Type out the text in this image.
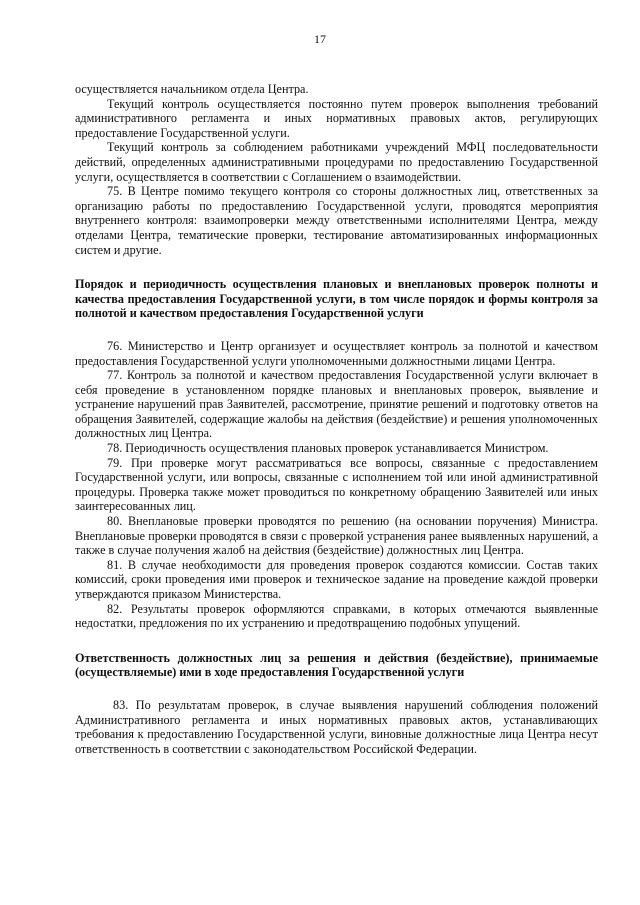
17

осуществляется начальником отдела Центра.

Текущий контроль осуществляется постоянно путем проверок выполнения требований административного регламента и иных нормативных правовых актов, регулирующих предоставление Государственной услуги.

Текущий контроль за соблюдением работниками учреждений МФЦ последовательности действий, определенных административными процедурами по предоставлению Государственной услуги, осуществляется в соответствии с Соглашением о взаимодействии.

75. В Центре помимо текущего контроля со стороны должностных лиц, ответственных за организацию работы по предоставлению Государственной услуги, проводятся мероприятия внутреннего контроля: взаимопроверки между ответственными исполнителями Центра, между отделами Центра, тематические проверки, тестирование автоматизированных информационных систем и другие.

Порядок и периодичность осуществления плановых и внеплановых проверок полноты и качества предоставления Государственной услуги, в том числе порядок и формы контроля за полнотой и качеством предоставления Государственной услуги

76. Министерство и Центр организует и осуществляет контроль за полнотой и качеством предоставления Государственной услуги уполномоченными должностными лицами Центра.

77. Контроль за полнотой и качеством предоставления Государственной услуги включает в себя проведение в установленном порядке плановых и внеплановых проверок, выявление и устранение нарушений прав Заявителей, рассмотрение, принятие решений и подготовку ответов на обращения Заявителей, содержащие жалобы на действия (бездействие) и решения уполномоченных должностных лиц Центра.

78. Периодичность осуществления плановых проверок устанавливается Министром.

79. При проверке могут рассматриваться все вопросы, связанные с предоставлением Государственной услуги, или вопросы, связанные с исполнением той или иной административной процедуры. Проверка также может проводиться по конкретному обращению Заявителей или иных заинтересованных лиц.

80. Внеплановые проверки проводятся по решению (на основании поручения) Министра. Внеплановые проверки проводятся в связи с проверкой устранения ранее выявленных нарушений, а также в случае получения жалоб на действия (бездействие) должностных лиц Центра.

81. В случае необходимости для проведения проверок создаются комиссии. Состав таких комиссий, сроки проведения ими проверок и техническое задание на проведение каждой проверки утверждаются приказом Министерства.

82. Результаты проверок оформляются справками, в которых отмечаются выявленные недостатки, предложения по их устранению и предотвращению подобных упущений.

Ответственность должностных лиц за решения и действия (бездействие), принимаемые (осуществляемые) ими в ходе предоставления Государственной услуги

83. По результатам проверок, в случае выявления нарушений соблюдения положений Административного регламента и иных нормативных правовых актов, устанавливающих требования к предоставлению Государственной услуги, виновные должностные лица Центра несут ответственность в соответствии с законодательством Российской Федерации.
